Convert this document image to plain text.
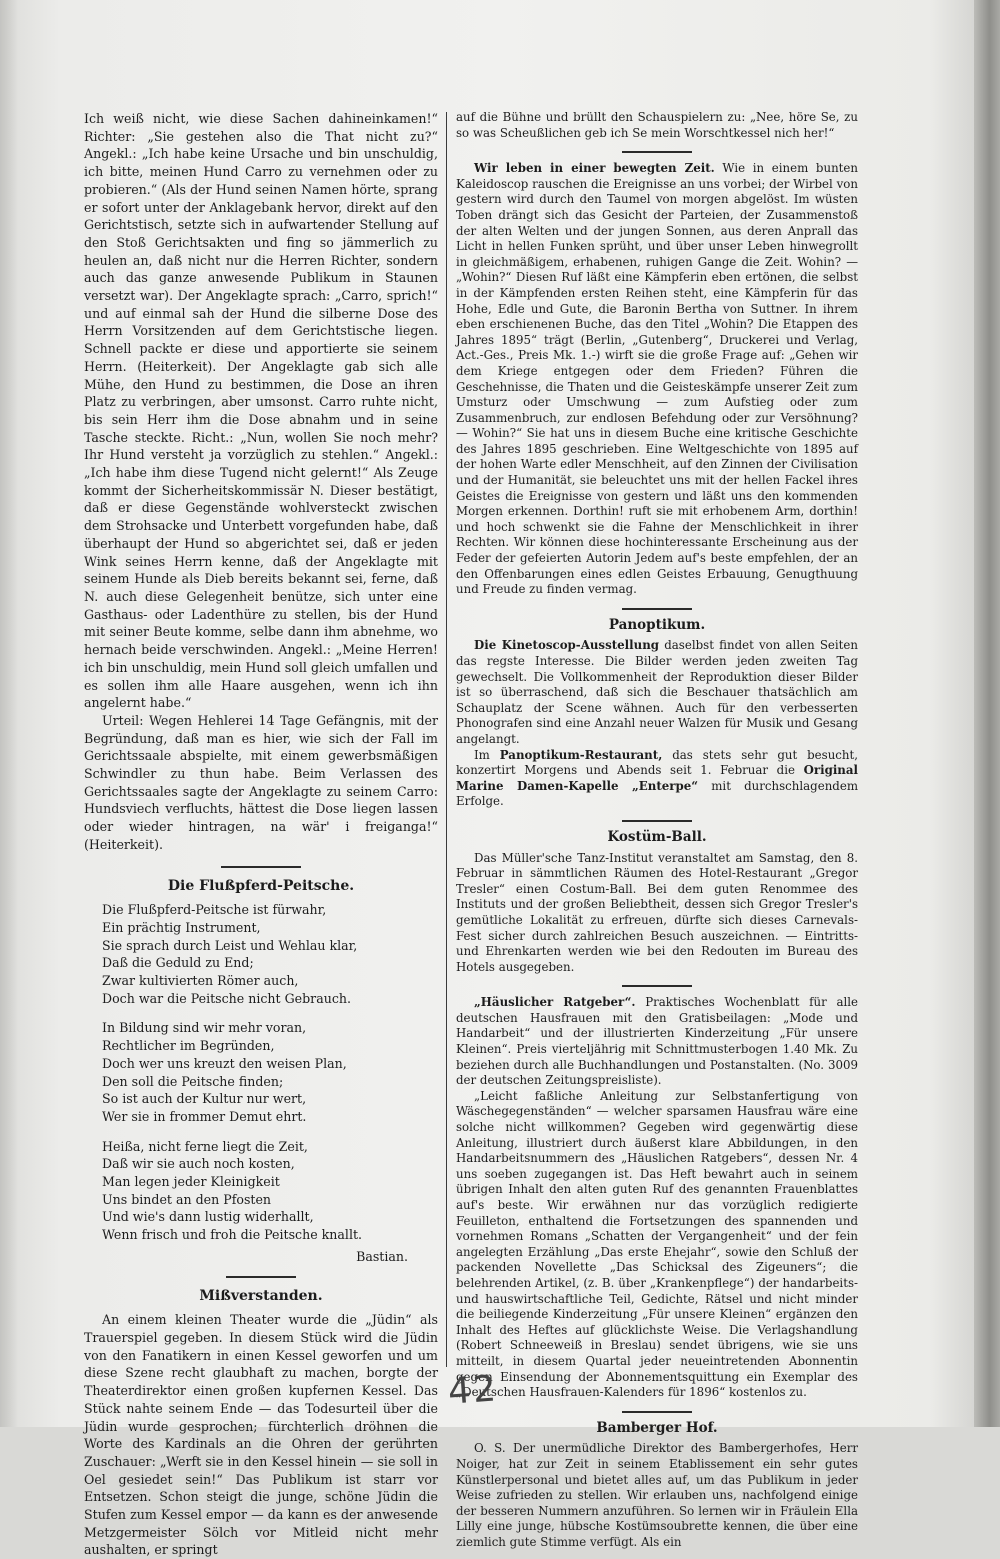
Ich weiß nicht, wie diese Sachen dahineinkamen!“ Richter: „Sie gestehen also die That nicht zu?“ Angekl.: „Ich habe keine Ursache und bin unschuldig, ich bitte, meinen Hund Carro zu vernehmen oder zu probieren.“ (Als der Hund seinen Namen hörte, sprang er sofort unter der Anklagebank hervor, direkt auf den Gerichtstisch, setzte sich in aufwartender Stellung auf den Stoß Gerichtsakten und fing so jämmerlich zu heulen an, daß nicht nur die Herren Richter, sondern auch das ganze anwesende Publikum in Staunen versetzt war). Der Angeklagte sprach: „Carro, sprich!“ und auf einmal sah der Hund die silberne Dose des Herrn Vorsitzenden auf dem Gerichtstische liegen. Schnell packte er diese und apportierte sie seinem Herrn. (Heiterkeit). Der Angeklagte gab sich alle Mühe, den Hund zu bestimmen, die Dose an ihren Platz zu verbringen, aber umsonst. Carro ruhte nicht, bis sein Herr ihm die Dose abnahm und in seine Tasche steckte. Richt.: „Nun, wollen Sie noch mehr? Ihr Hund versteht ja vorzüglich zu stehlen.“ Angekl.: „Ich habe ihm diese Tugend nicht gelernt!“ Als Zeuge kommt der Sicherheitskommissär N. Dieser bestätigt, daß er diese Gegenstände wohlversteckt zwischen dem Strohsacke und Unterbett vorgefunden habe, daß überhaupt der Hund so abgerichtet sei, daß er jeden Wink seines Herrn kenne, daß der Angeklagte mit seinem Hunde als Dieb bereits bekannt sei, ferne, daß N. auch diese Gelegenheit benütze, sich unter eine Gasthaus- oder Ladenthüre zu stellen, bis der Hund mit seiner Beute komme, selbe dann ihm abnehme, wo hernach beide verschwinden. Angekl.: „Meine Herren! ich bin unschuldig, mein Hund soll gleich umfallen und es sollen ihm alle Haare ausgehen, wenn ich ihn angelernt habe.“

Urteil: Wegen Hehlerei 14 Tage Gefängnis, mit der Begründung, daß man es hier, wie sich der Fall im Gerichtssaale abspielte, mit einem gewerbsmäßigen Schwindler zu thun habe. Beim Verlassen des Gerichtssaales sagte der Angeklagte zu seinem Carro: Hundsviech verfluchts, hättest die Dose liegen lassen oder wieder hintragen, na wär' i freiganga!“ (Heiterkeit).

Die Flußpferd-Peitsche.
Die Flußpferd-Peitsche ist fürwahr,
Ein prächtig Instrument,
Sie sprach durch Leist und Wehlau klar,
Daß die Geduld zu End;
Zwar kultivierten Römer auch,
Doch war die Peitsche nicht Gebrauch.
In Bildung sind wir mehr voran,
Rechtlicher im Begründen,
Doch wer uns kreuzt den weisen Plan,
Den soll die Peitsche finden;
So ist auch der Kultur nur wert,
Wer sie in frommer Demut ehrt.
Heißa, nicht ferne liegt die Zeit,
Daß wir sie auch noch kosten,
Man legen jeder Kleinigkeit
Uns bindet an den Pfosten
Und wie's dann lustig widerhallt,
Wenn frisch und froh die Peitsche knallt.
Bastian.
Mißverstanden.

An einem kleinen Theater wurde die „Jüdin“ als Trauerspiel gegeben. In diesem Stück wird die Jüdin von den Fanatikern in einen Kessel geworfen und um diese Szene recht glaubhaft zu machen, borgte der Theaterdirektor einen großen kupfernen Kessel. Das Stück nahte seinem Ende — das Todesurteil über die Jüdin wurde gesprochen; fürchterlich dröhnen die Worte des Kardinals an die Ohren der gerührten Zuschauer: „Werft sie in den Kessel hinein — sie soll in Oel gesiedet sein!“ Das Publikum ist starr vor Entsetzen. Schon steigt die junge, schöne Jüdin die Stufen zum Kessel empor — da kann es der anwesende Metzgermeister Sölch vor Mitleid nicht mehr aushalten, er springt

auf die Bühne und brüllt den Schauspielern zu: „Nee, höre Se, zu so was Scheußlichen geb ich Se mein Worschtkessel nich her!“

Wir leben in einer bewegten Zeit. Wie in einem bunten Kaleidoscop rauschen die Ereignisse an uns vorbei; der Wirbel von gestern wird durch den Taumel von morgen abgelöst. Im wüsten Toben drängt sich das Gesicht der Parteien, der Zusammenstoß der alten Welten und der jungen Sonnen, aus deren Anprall das Licht in hellen Funken sprüht, und über unser Leben hinwegrollt in gleichmäßigem, erhabenen, ruhigen Gange die Zeit. Wohin? — „Wohin?“ Diesen Ruf läßt eine Kämpferin eben ertönen, die selbst in der Kämpfenden ersten Reihen steht, eine Kämpferin für das Hohe, Edle und Gute, die Baronin Bertha von Suttner. In ihrem eben erschienenen Buche, das den Titel „Wohin? Die Etappen des Jahres 1895“ trägt (Berlin, „Gutenberg“, Druckerei und Verlag, Act.-Ges., Preis Mk. 1.-) wirft sie die große Frage auf: „Gehen wir dem Kriege entgegen oder dem Frieden? Führen die Geschehnisse, die Thaten und die Geisteskämpfe unserer Zeit zum Umsturz oder Umschwung — zum Aufstieg oder zum Zusammenbruch, zur endlosen Befehdung oder zur Versöhnung? — Wohin?“ Sie hat uns in diesem Buche eine kritische Geschichte des Jahres 1895 geschrieben. Eine Weltgeschichte von 1895 auf der hohen Warte edler Menschheit, auf den Zinnen der Civilisation und der Humanität, sie beleuchtet uns mit der hellen Fackel ihres Geistes die Ereignisse von gestern und läßt uns den kommenden Morgen erkennen. Dorthin! ruft sie mit erhobenem Arm, dorthin! und hoch schwenkt sie die Fahne der Menschlichkeit in ihrer Rechten. Wir können diese hochinteressante Erscheinung aus der Feder der gefeierten Autorin Jedem auf's beste empfehlen, der an den Offenbarungen eines edlen Geistes Erbauung, Genugthuung und Freude zu finden vermag.

Panoptikum.

Die Kinetoscop-Ausstellung daselbst findet von allen Seiten das regste Interesse. Die Bilder werden jeden zweiten Tag gewechselt. Die Vollkommenheit der Reproduktion dieser Bilder ist so überraschend, daß sich die Beschauer thatsächlich am Schauplatz der Scene wähnen. Auch für den verbesserten Phonografen sind eine Anzahl neuer Walzen für Musik und Gesang angelangt.

Im Panoptikum-Restaurant, das stets sehr gut besucht, konzertirt Morgens und Abends seit 1. Februar die Original Marine Damen-Kapelle „Enterpe“ mit durchschlagendem Erfolge.

Kostüm-Ball.

Das Müller'sche Tanz-Institut veranstaltet am Samstag, den 8. Februar in sämmtlichen Räumen des Hotel-Restaurant „Gregor Tresler“ einen Costum-Ball. Bei dem guten Renommee des Instituts und der großen Beliebtheit, dessen sich Gregor Tresler's gemütliche Lokalität zu erfreuen, dürfte sich dieses Carnevals-Fest sicher durch zahlreichen Besuch auszeichnen. — Eintritts- und Ehrenkarten werden wie bei den Redouten im Bureau des Hotels ausgegeben.

„Häuslicher Ratgeber“. Praktisches Wochenblatt für alle deutschen Hausfrauen mit den Gratisbeilagen: „Mode und Handarbeit“ und der illustrierten Kinderzeitung „Für unsere Kleinen“. Preis vierteljährig mit Schnittmusterbogen 1.40 Mk. Zu beziehen durch alle Buchhandlungen und Postanstalten. (No. 3009 der deutschen Zeitungspreisliste).

„Leicht faßliche Anleitung zur Selbstanfertigung von Wäschegegenständen“ — welcher sparsamen Hausfrau wäre eine solche nicht willkommen? Gegeben wird gegenwärtig diese Anleitung, illustriert durch äußerst klare Abbildungen, in den Handarbeitsnummern des „Häuslichen Ratgebers“, dessen Nr. 4 uns soeben zugegangen ist. Das Heft bewahrt auch in seinem übrigen Inhalt den alten guten Ruf des genannten Frauenblattes auf's beste. Wir erwähnen nur das vorzüglich redigierte Feuilleton, enthaltend die Fortsetzungen des spannenden und vornehmen Romans „Schatten der Vergangenheit“ und der fein angelegten Erzählung „Das erste Ehejahr“, sowie den Schluß der packenden Novellette „Das Schicksal des Zigeuners“; die belehrenden Artikel, (z. B. über „Krankenpflege“) der handarbeits- und hauswirtschaftliche Teil, Gedichte, Rätsel und nicht minder die beiliegende Kinderzeitung „Für unsere Kleinen“ ergänzen den Inhalt des Heftes auf glücklichste Weise. Die Verlagshandlung (Robert Schneeweiß in Breslau) sendet übrigens, wie sie uns mitteilt, in diesem Quartal jeder neueintretenden Abonnentin gegen Einsendung der Abonnementsquittung ein Exemplar des „Deutschen Hausfrauen-Kalenders für 1896“ kostenlos zu.

Bamberger Hof.

O. S. Der unermüdliche Direktor des Bambergerhofes, Herr Noiger, hat zur Zeit in seinem Etablissement ein sehr gutes Künstlerpersonal und bietet alles auf, um das Publikum in jeder Weise zufrieden zu stellen. Wir erlauben uns, nachfolgend einige der besseren Nummern anzuführen. So lernen wir in Fräulein Ella Lilly eine junge, hübsche Kostümsoubrette kennen, die über eine ziemlich gute Stimme verfügt. Als ein

42
